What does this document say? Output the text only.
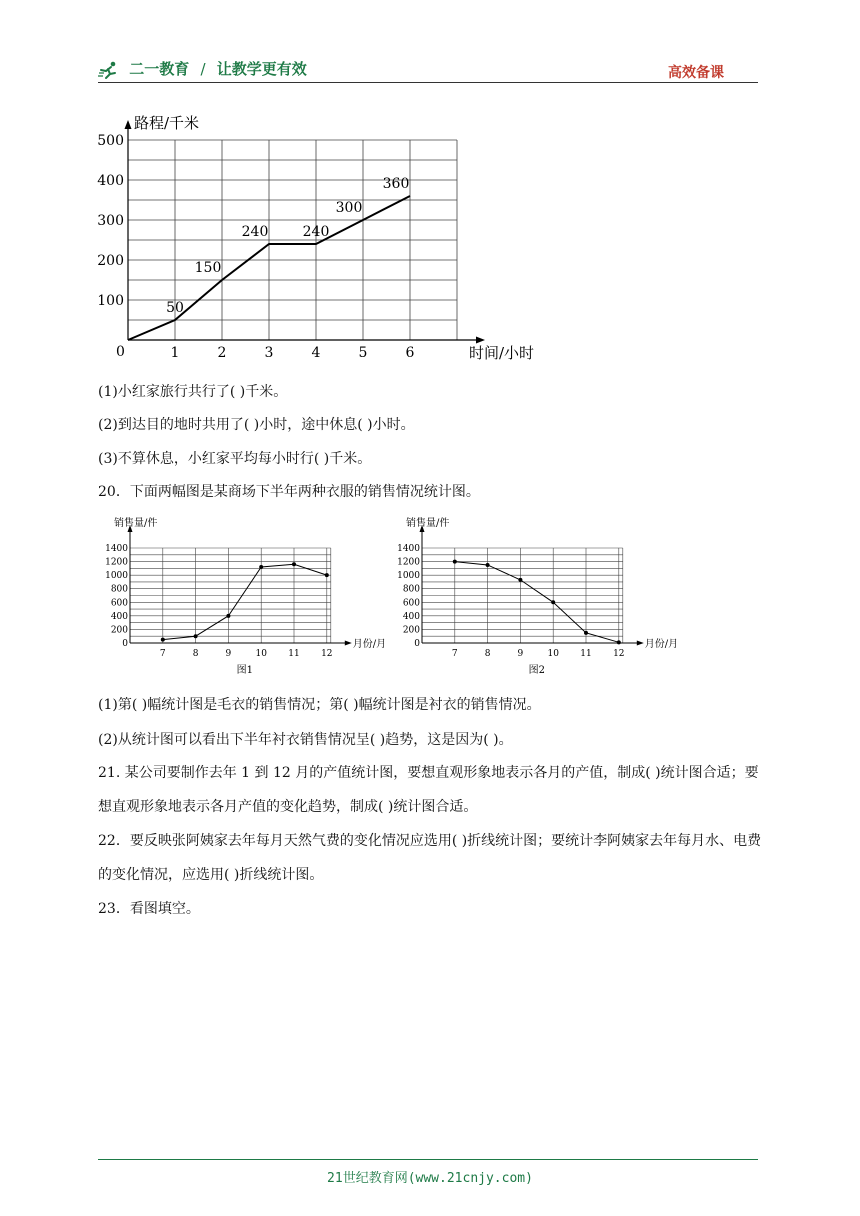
二一教育 / 让教学更有效	高效备课
路程/千米
时间/小时
100
200
300
400
500
0	1	2	3	4	5	6
50
150
240 240
300
360
(1)小红家旅行共行了( )千米。
(2)到达目的地时共用了( )小时，途中休息( )小时。
(3)不算休息，小红家平均每小时行( )千米。
20．下面两幅图是某商场下半年两种衣服的销售情况统计图。
销售量/件
月份/月
0
200
400
600
800
1000
1200
1400
7	8	9	10 11 12
图1
销售量/件
月份/月
0
200
400
600
800
1000
1200
1400
7	8	9	10 11 12
图2
(1)第( )幅统计图是毛衣的销售情况；第( )幅统计图是衬衣的销售情况。
(2)从统计图可以看出下半年衬衣销售情况呈( )趋势，这是因为( )。
21. 某公司要制作去年 1 到 12 月的产值统计图，要想直观形象地表示各月的产值，制成( )统计图合适；要想直观形象地表示各月产值的变化趋势，制成( )统计图合适。
22．要反映张阿姨家去年每月天然气费的变化情况应选用( )折线统计图；要统计李阿姨家去年每月水、电费的变化情况，应选用( )折线统计图。
23．看图填空。
21世纪教育网(www.21cnjy.com)
